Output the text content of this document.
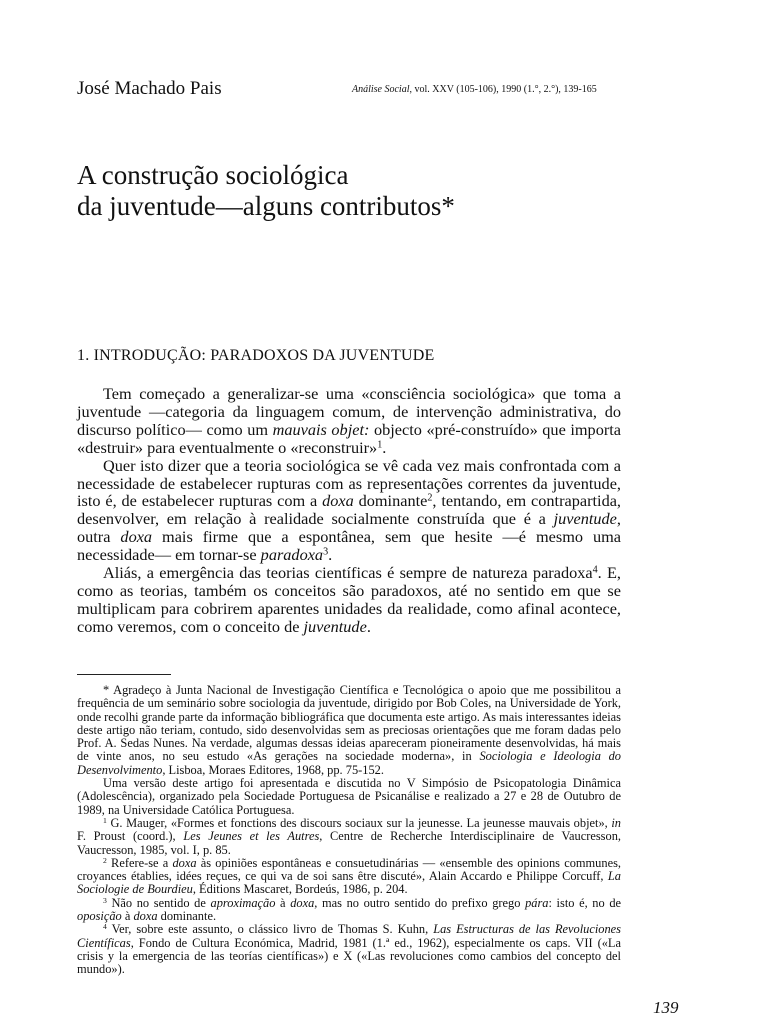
José Machado Pais	Análise Social, vol. XXV (105-106), 1990 (1.°, 2.°), 139-165
A construção sociológica
da juventude—alguns contributos*
1. INTRODUÇÃO: PARADOXOS DA JUVENTUDE

Tem começado a generalizar-se uma «consciência sociológica» que toma a juventude —categoria da linguagem comum, de intervenção administrativa, do discurso político— como um mauvais objet: objecto «pré-construído» que importa «destruir» para eventualmente o «reconstruir»$^1$.

Quer isto dizer que a teoria sociológica se vê cada vez mais confrontada com a necessidade de estabelecer rupturas com as representações correntes da juventude, isto é, de estabelecer rupturas com a doxa dominante$^2$, tentando, em contrapartida, desenvolver, em relação à realidade socialmente construída que é a juventude, outra doxa mais firme que a espontânea, sem que hesite —é mesmo uma necessidade— em tornar-se paradoxa$^3$.

Aliás, a emergência das teorias científicas é sempre de natureza paradoxa$^4$. E, como as teorias, também os conceitos são paradoxos, até no sentido em que se multiplicam para cobrirem aparentes unidades da realidade, como afinal acontece, como veremos, com o conceito de juventude.

* Agradeço à Junta Nacional de Investigação Científica e Tecnológica o apoio que me possibilitou a frequência de um seminário sobre sociologia da juventude, dirigido por Bob Coles, na Universidade de York, onde recolhi grande parte da informação bibliográfica que documenta este artigo. As mais interessantes ideias deste artigo não teriam, contudo, sido desenvolvidas sem as preciosas orientações que me foram dadas pelo Prof. A. Sedas Nunes. Na verdade, algumas dessas ideias apareceram pioneiramente desenvolvidas, há mais de vinte anos, no seu estudo «As gerações na sociedade moderna», in Sociologia e Ideologia do Desenvolvimento, Lisboa, Moraes Editores, 1968, pp. 75-152.

Uma versão deste artigo foi apresentada e discutida no V Simpósio de Psicopatologia Dinâmica (Adolescência), organizado pela Sociedade Portuguesa de Psicanálise e realizado a 27 e 28 de Outubro de 1989, na Universidade Católica Portuguesa.

$^1$ G. Mauger, «Formes et fonctions des discours sociaux sur la jeunesse. La jeunesse mauvais objet», in F. Proust (coord.), Les Jeunes et les Autres, Centre de Recherche Interdisciplinaire de Vaucresson, Vaucresson, 1985, vol. I, p. 85.

$^2$ Refere-se a doxa às opiniões espontâneas e consuetudinárias — «ensemble des opinions communes, croyances établies, idées reçues, ce qui va de soi sans être discuté», Alain Accardo e Philippe Corcuff, La Sociologie de Bourdieu, Éditions Mascaret, Bordeús, 1986, p. 204.

$^3$ Não no sentido de aproximação à doxa, mas no outro sentido do prefixo grego pára: isto é, no de oposição à doxa dominante.

$^4$ Ver, sobre este assunto, o clássico livro de Thomas S. Kuhn, Las Estructuras de las Revoluciones Científicas, Fondo de Cultura Económica, Madrid, 1981 (1.ª ed., 1962), especialmente os caps. VII («La crisis y la emergencia de las teorías científicas») e X («Las revoluciones como cambios del concepto del mundo»).

139
